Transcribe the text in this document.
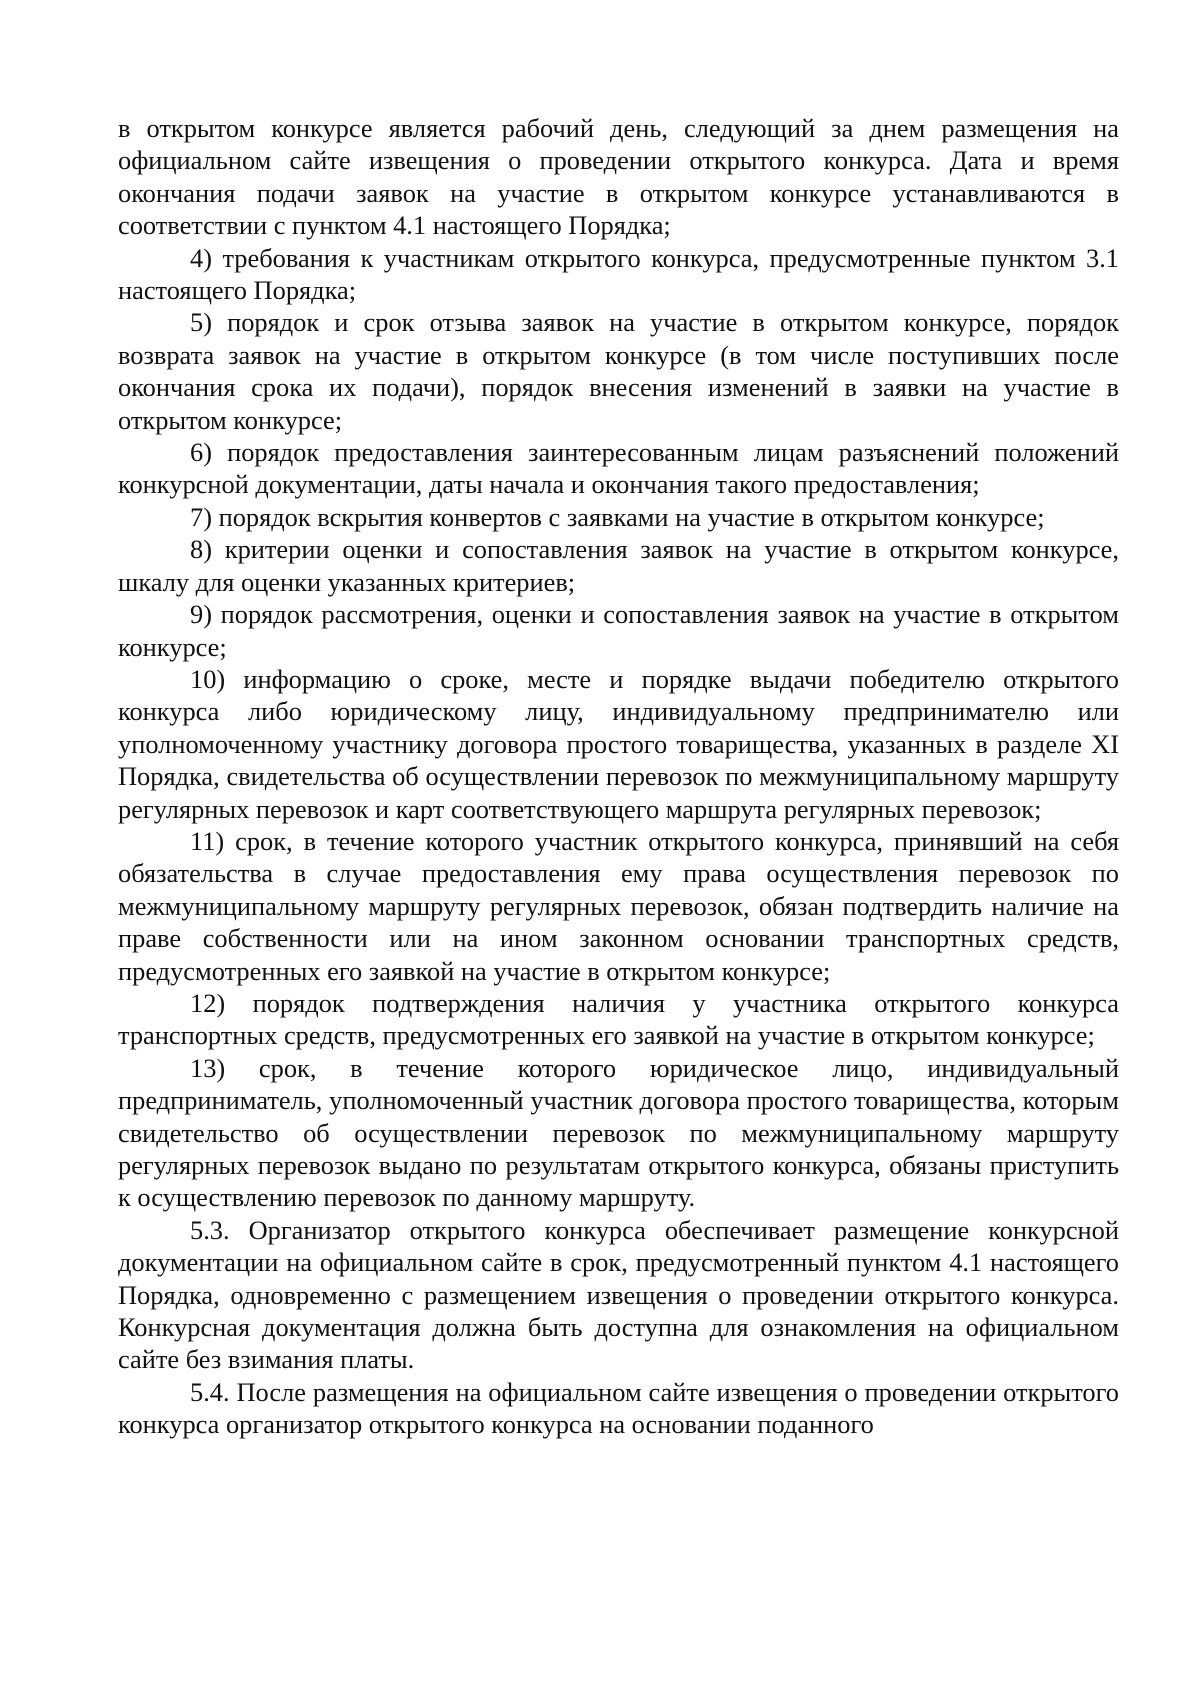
в открытом конкурсе является рабочий день, следующий за днем размещения на официальном сайте извещения о проведении открытого конкурса. Дата и время окончания подачи заявок на участие в открытом конкурсе устанавливаются в соответствии с пунктом 4.1 настоящего Порядка;

4) требования к участникам открытого конкурса, предусмотренные пунктом 3.1 настоящего Порядка;

5) порядок и срок отзыва заявок на участие в открытом конкурсе, порядок возврата заявок на участие в открытом конкурсе (в том числе поступивших после окончания срока их подачи), порядок внесения изменений в заявки на участие в открытом конкурсе;

6) порядок предоставления заинтересованным лицам разъяснений положений конкурсной документации, даты начала и окончания такого предоставления;

7) порядок вскрытия конвертов с заявками на участие в открытом конкурсе;

8) критерии оценки и сопоставления заявок на участие в открытом конкурсе, шкалу для оценки указанных критериев;

9) порядок рассмотрения, оценки и сопоставления заявок на участие в открытом конкурсе;

10) информацию о сроке, месте и порядке выдачи победителю открытого конкурса либо юридическому лицу, индивидуальному предпринимателю или уполномоченному участнику договора простого товарищества, указанных в разделе XI Порядка, свидетельства об осуществлении перевозок по межмуниципальному маршруту регулярных перевозок и карт соответствующего маршрута регулярных перевозок;

11) срок, в течение которого участник открытого конкурса, принявший на себя обязательства в случае предоставления ему права осуществления перевозок по межмуниципальному маршруту регулярных перевозок, обязан подтвердить наличие на праве собственности или на ином законном основании транспортных средств, предусмотренных его заявкой на участие в открытом конкурсе;

12) порядок подтверждения наличия у участника открытого конкурса транспортных средств, предусмотренных его заявкой на участие в открытом конкурсе;

13) срок, в течение которого юридическое лицо, индивидуальный предприниматель, уполномоченный участник договора простого товарищества, которым свидетельство об осуществлении перевозок по межмуниципальному маршруту регулярных перевозок выдано по результатам открытого конкурса, обязаны приступить к осуществлению перевозок по данному маршруту.

5.3. Организатор открытого конкурса обеспечивает размещение конкурсной документации на официальном сайте в срок, предусмотренный пунктом 4.1 настоящего Порядка, одновременно с размещением извещения о проведении открытого конкурса. Конкурсная документация должна быть доступна для ознакомления на официальном сайте без взимания платы.

5.4. После размещения на официальном сайте извещения о проведении открытого конкурса организатор открытого конкурса на основании поданного
